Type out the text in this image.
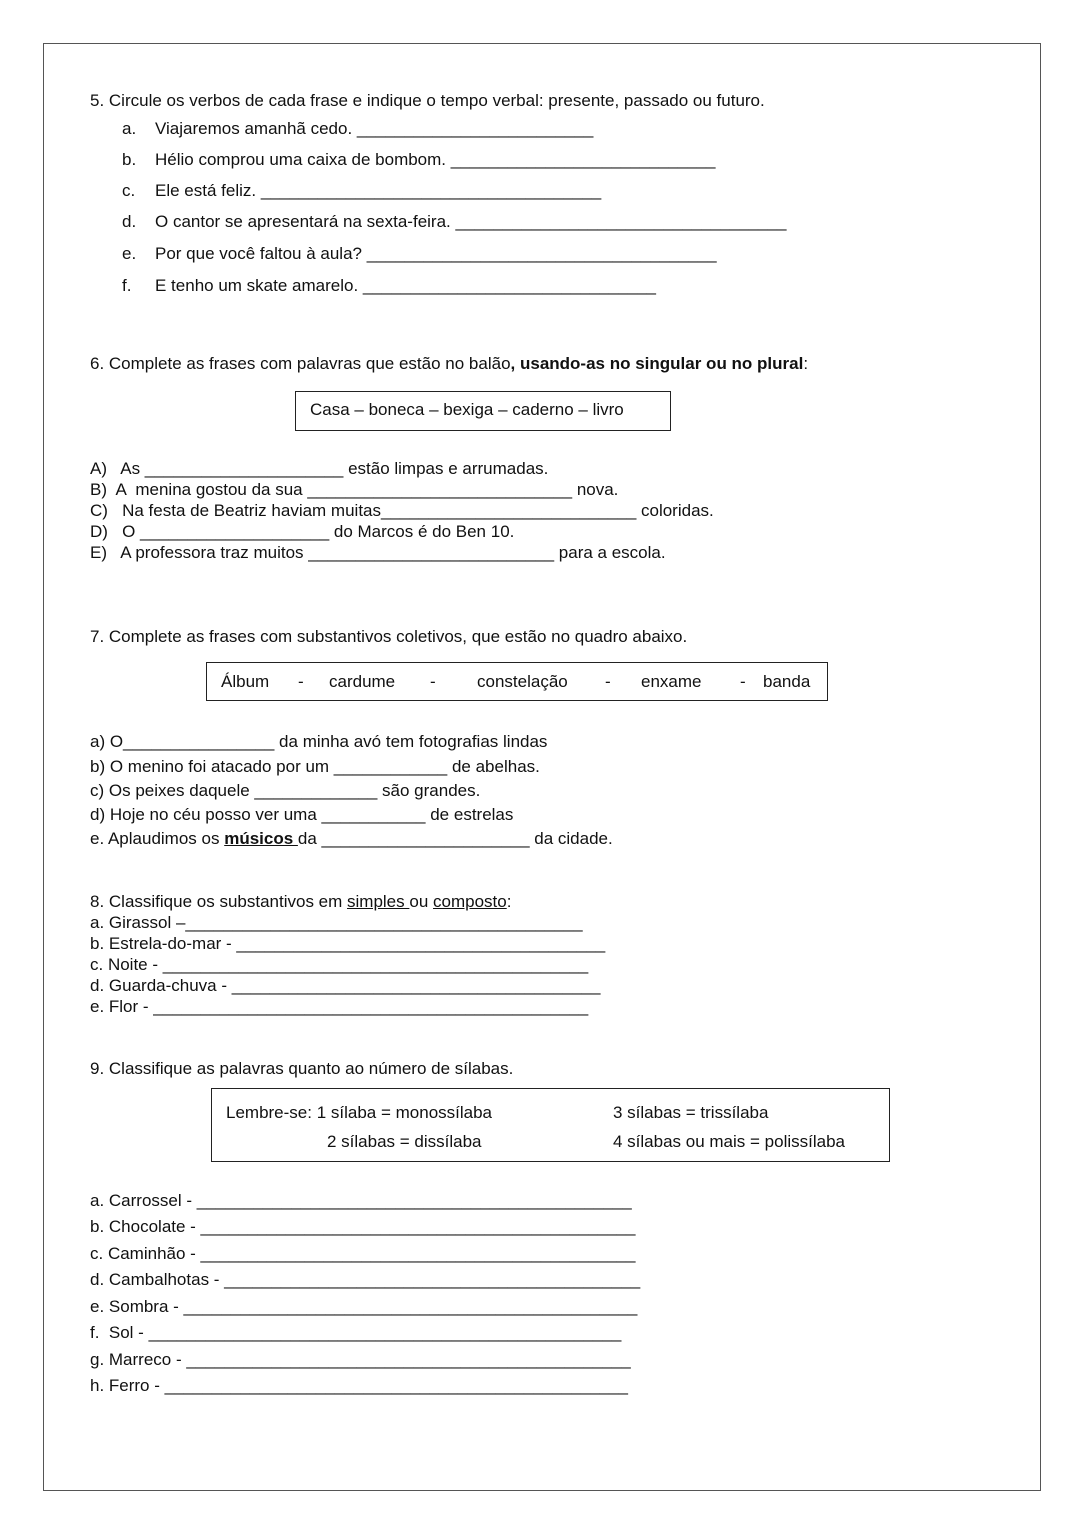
5. Circule os verbos de cada frase e indique o tempo verbal: presente, passado ou futuro.
a. Viajaremos amanhã cedo. _________________________
b. Hélio comprou uma caixa de bombom. ____________________________
c. Ele está feliz. ____________________________________
d. O cantor se apresentará na sexta-feira. ___________________________________
e. Por que você faltou à aula? _____________________________________
f. E tenho um skate amarelo. _______________________________
6. Complete as frases com palavras que estão no balão, usando-as no singular ou no plural:
Casa – boneca – bexiga – caderno – livro
A)   As _____________________ estão limpas e arrumadas.
B)  A  menina gostou da sua ____________________________ nova.
C)   Na festa de Beatriz haviam muitas___________________________ coloridas.
D)   O ____________________ do Marcos é do Ben 10.
E)   A professora traz muitos __________________________ para a escola.
7. Complete as frases com substantivos coletivos, que estão no quadro abaixo.
Álbum - cardume - constelação - enxame - banda
a) O________________ da minha avó tem fotografias lindas
b) O menino foi atacado por um ____________ de abelhas.
c) Os peixes daquele _____________ são grandes.
d) Hoje no céu posso ver uma ___________ de estrelas
e. Aplaudimos os músicos da ______________________ da cidade.
8. Classifique os substantivos em simples ou composto:
a. Girassol –__________________________________________
b. Estrela-do-mar - _______________________________________
c. Noite - _____________________________________________
d. Guarda-chuva - _______________________________________
e. Flor - ______________________________________________
9. Classifique as palavras quanto ao número de sílabas.
Lembre-se: 1 sílaba = monossílaba	3 sílabas = trissílaba
2 sílabas = dissílaba	4 sílabas ou mais = polissílaba
a. Carrossel - ______________________________________________
b. Chocolate - ______________________________________________
c. Caminhão - ______________________________________________
d. Cambalhotas - ____________________________________________
e. Sombra - ________________________________________________
f.  Sol - __________________________________________________
g. Marreco - _______________________________________________
h. Ferro - _________________________________________________
